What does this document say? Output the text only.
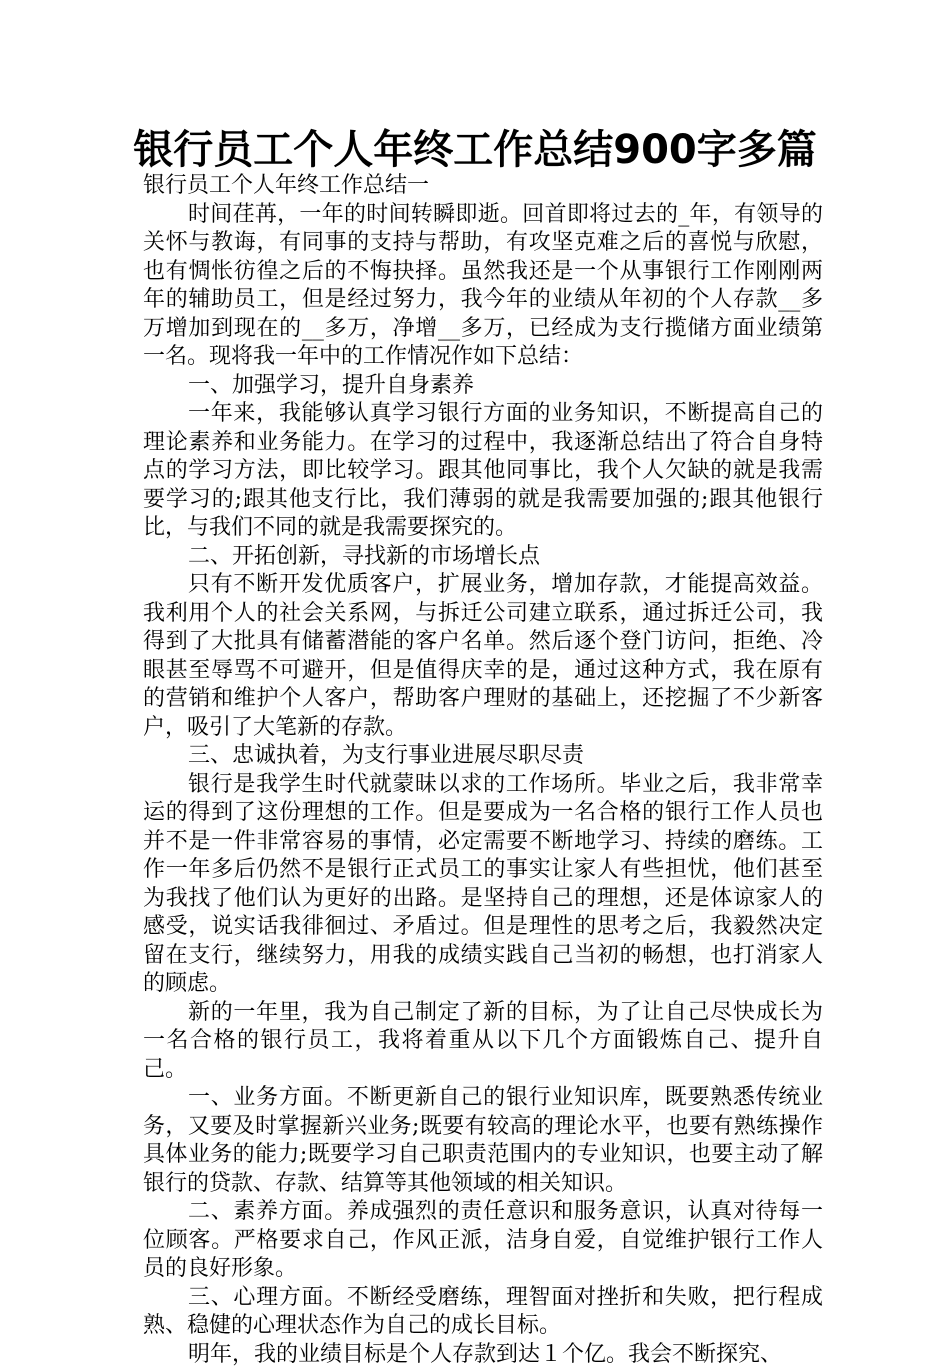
银行员工个人年终工作总结900字多篇

银行员工个人年终工作总结一

时间荏苒，一年的时间转瞬即逝。回首即将过去的_年，有领导的关怀与教诲，有同事的支持与帮助，有攻坚克难之后的喜悦与欣慰，也有惆怅彷徨之后的不悔抉择。虽然我还是一个从事银行工作刚刚两年的辅助员工，但是经过努力，我今年的业绩从年初的个人存款__多万增加到现在的__多万，净增__多万，已经成为支行揽储方面业绩第一名。现将我一年中的工作情况作如下总结：

一、加强学习，提升自身素养

一年来，我能够认真学习银行方面的业务知识，不断提高自己的理论素养和业务能力。在学习的过程中，我逐渐总结出了符合自身特点的学习方法，即比较学习。跟其他同事比，我个人欠缺的就是我需要学习的;跟其他支行比，我们薄弱的就是我需要加强的;跟其他银行比，与我们不同的就是我需要探究的。

二、开拓创新，寻找新的市场增长点

只有不断开发优质客户，扩展业务，增加存款，才能提高效益。我利用个人的社会关系网，与拆迁公司建立联系，通过拆迁公司，我得到了大批具有储蓄潜能的客户名单。然后逐个登门访问，拒绝、冷眼甚至辱骂不可避开，但是值得庆幸的是，通过这种方式，我在原有的营销和维护个人客户，帮助客户理财的基础上，还挖掘了不少新客户，吸引了大笔新的存款。

三、忠诚执着，为支行事业进展尽职尽责

银行是我学生时代就蒙昧以求的工作场所。毕业之后，我非常幸运的得到了这份理想的工作。但是要成为一名合格的银行工作人员也并不是一件非常容易的事情，必定需要不断地学习、持续的磨练。工作一年多后仍然不是银行正式员工的事实让家人有些担忧，他们甚至为我找了他们认为更好的出路。是坚持自己的理想，还是体谅家人的感受，说实话我徘徊过、矛盾过。但是理性的思考之后，我毅然决定留在支行，继续努力，用我的成绩实践自己当初的畅想，也打消家人的顾虑。

新的一年里，我为自己制定了新的目标，为了让自己尽快成长为一名合格的银行员工，我将着重从以下几个方面锻炼自己、提升自己。

一、业务方面。不断更新自己的银行业知识库，既要熟悉传统业务，又要及时掌握新兴业务;既要有较高的理论水平，也要有熟练操作具体业务的能力;既要学习自己职责范围内的专业知识，也要主动了解银行的贷款、存款、结算等其他领域的相关知识。

二、素养方面。养成强烈的责任意识和服务意识，认真对待每一位顾客。严格要求自己，作风正派，洁身自爱，自觉维护银行工作人员的良好形象。

三、心理方面。不断经受磨练，理智面对挫折和失败，把行程成熟、稳健的心理状态作为自己的成长目标。

明年，我的业绩目标是个人存款到达１个亿。我会不断探究、
